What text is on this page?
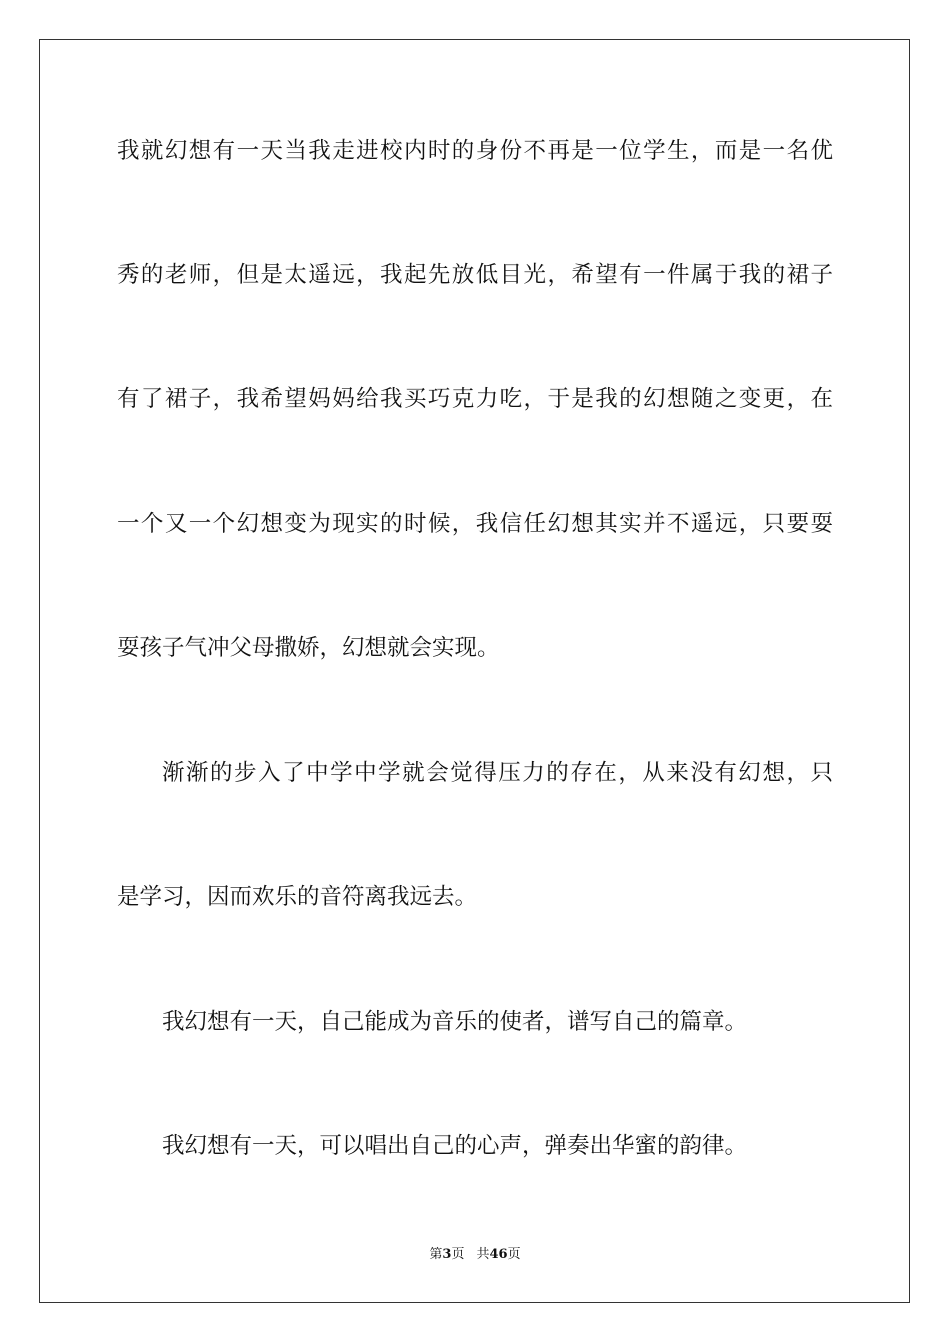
我就幻想有一天当我走进校内时的身份不再是一位学生，而是一名优
秀的老师，但是太遥远，我起先放低目光，希望有一件属于我的裙子
有了裙子，我希望妈妈给我买巧克力吃，于是我的幻想随之变更，在
一个又一个幻想变为现实的时候，我信任幻想其实并不遥远，只要耍
耍孩子气冲父母撒娇，幻想就会实现。
渐渐的步入了中学中学就会觉得压力的存在，从来没有幻想，只
是学习，因而欢乐的音符离我远去。
我幻想有一天，自己能成为音乐的使者，谱写自己的篇章。
我幻想有一天，可以唱出自己的心声，弹奏出华蜜的韵律。
第3页 共46页
